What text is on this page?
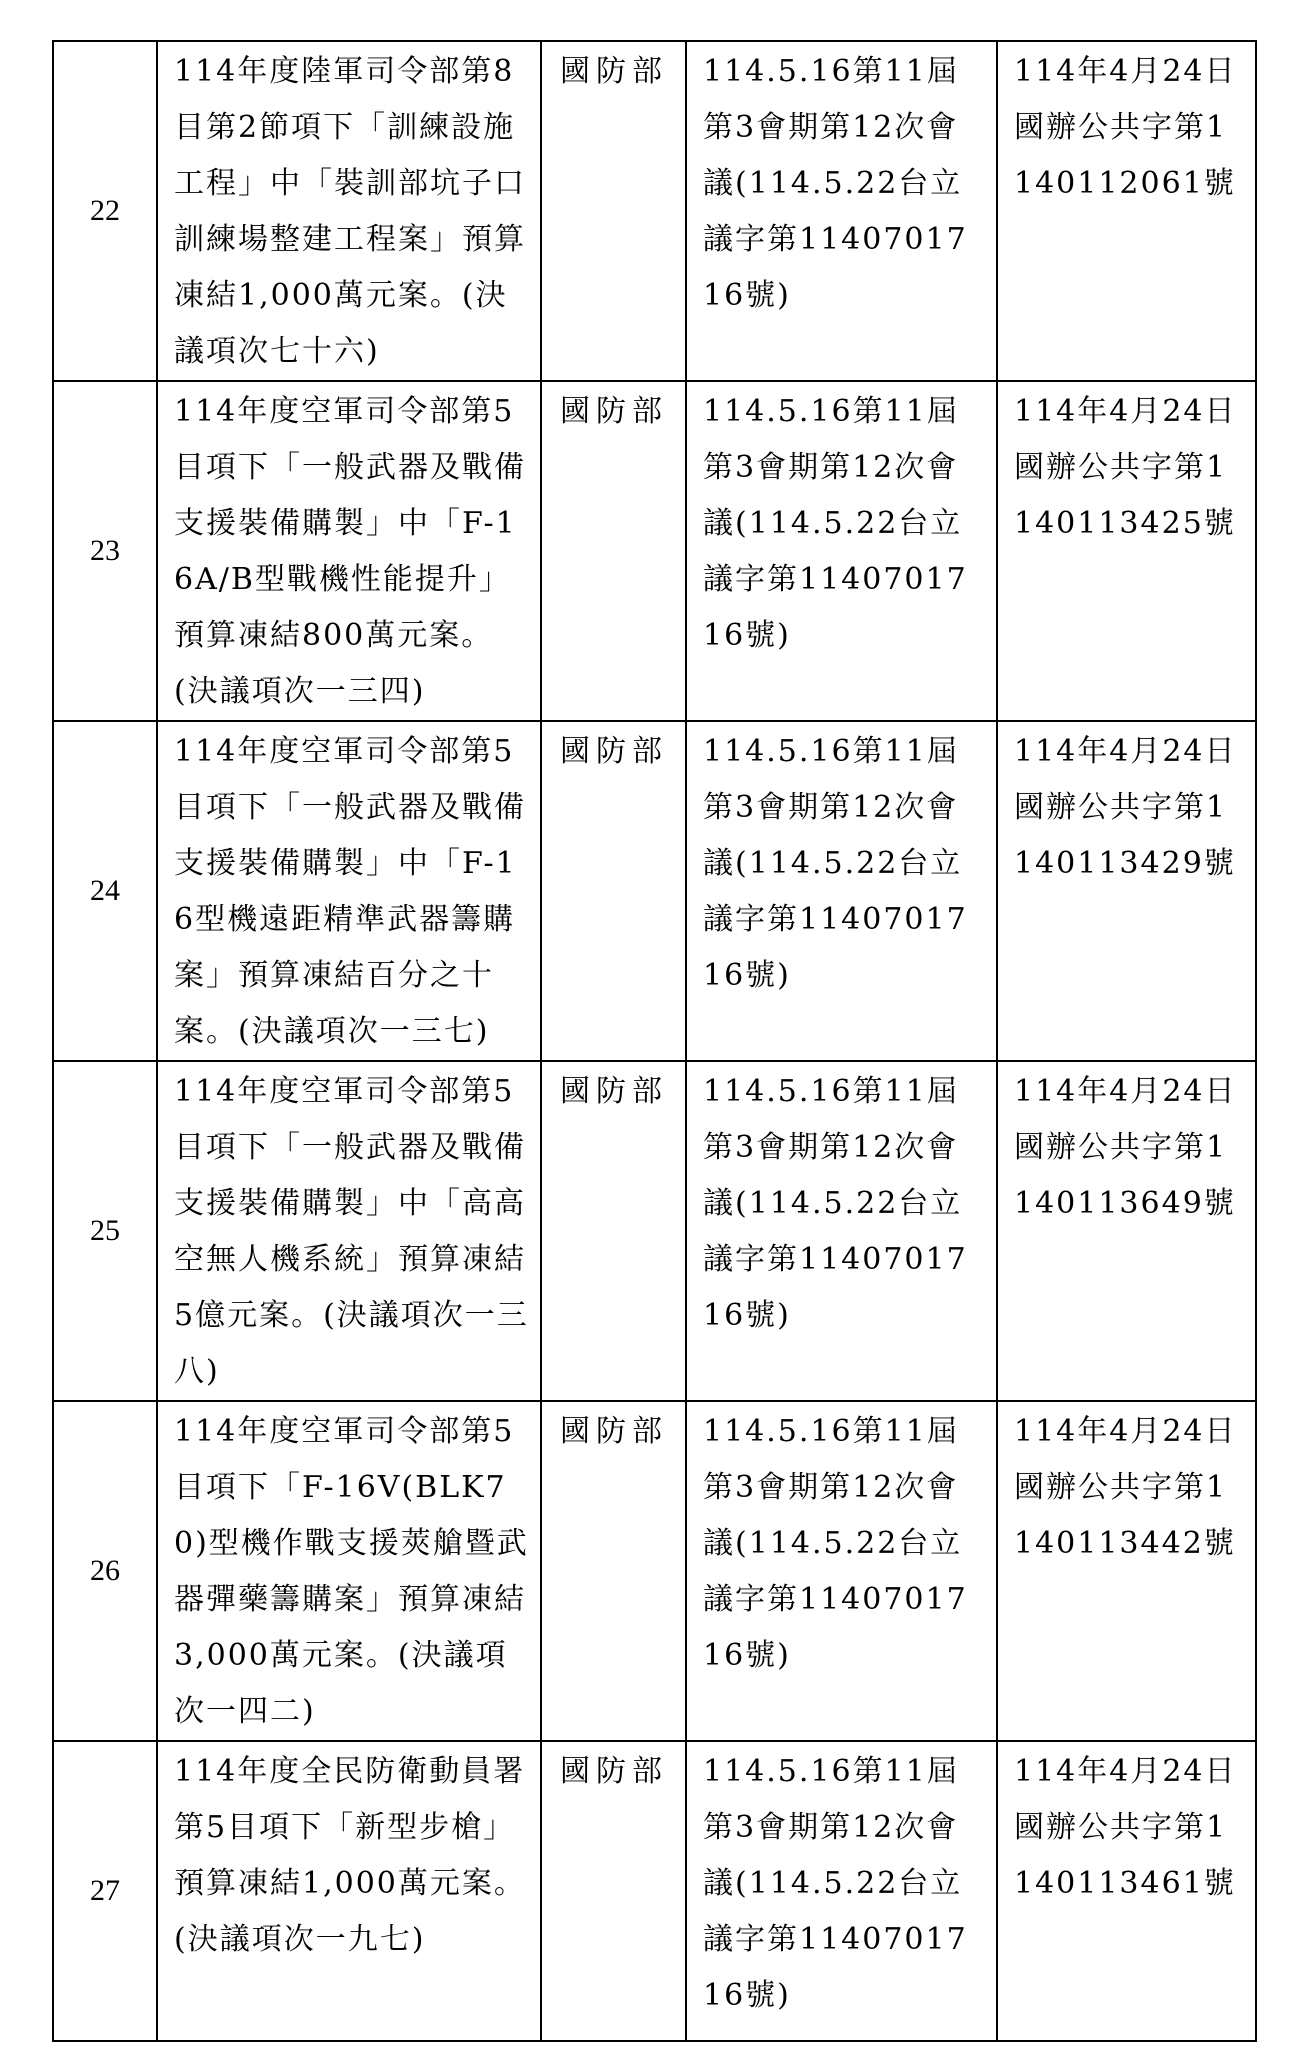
22	114年度陸軍司令部第8目第2節項下「訓練設施工程」中「裝訓部坑子口訓練場整建工程案」預算凍結1,000萬元案。(決議項次七十六)	國防部	114.5.16第11屆第3會期第12次會議(114.5.22台立議字第1140701716號)	114年4月24日國辦公共字第1140112061號

23	114年度空軍司令部第5目項下「一般武器及戰備支援裝備購製」中「F-16A/B型戰機性能提升」預算凍結800萬元案。(決議項次一三四)	國防部	114.5.16第11屆第3會期第12次會議(114.5.22台立議字第1140701716號)	114年4月24日國辦公共字第1140113425號

24	114年度空軍司令部第5目項下「一般武器及戰備支援裝備購製」中「F-16型機遠距精準武器籌購案」預算凍結百分之十案。(決議項次一三七)	國防部	114.5.16第11屆第3會期第12次會議(114.5.22台立議字第1140701716號)	114年4月24日國辦公共字第1140113429號

25	114年度空軍司令部第5目項下「一般武器及戰備支援裝備購製」中「高高空無人機系統」預算凍結5億元案。(決議項次一三八)	國防部	114.5.16第11屆第3會期第12次會議(114.5.22台立議字第1140701716號)	114年4月24日國辦公共字第1140113649號

26	114年度空軍司令部第5目項下「F-16V(BLK70)型機作戰支援莢艙暨武器彈藥籌購案」預算凍結3,000萬元案。(決議項次一四二)	國防部	114.5.16第11屆第3會期第12次會議(114.5.22台立議字第1140701716號)	114年4月24日國辦公共字第1140113442號

27	114年度全民防衛動員署第5目項下「新型步槍」預算凍結1,000萬元案。(決議項次一九七)	國防部	114.5.16第11屆第3會期第12次會議(114.5.22台立議字第1140701716號)	114年4月24日國辦公共字第1140113461號
